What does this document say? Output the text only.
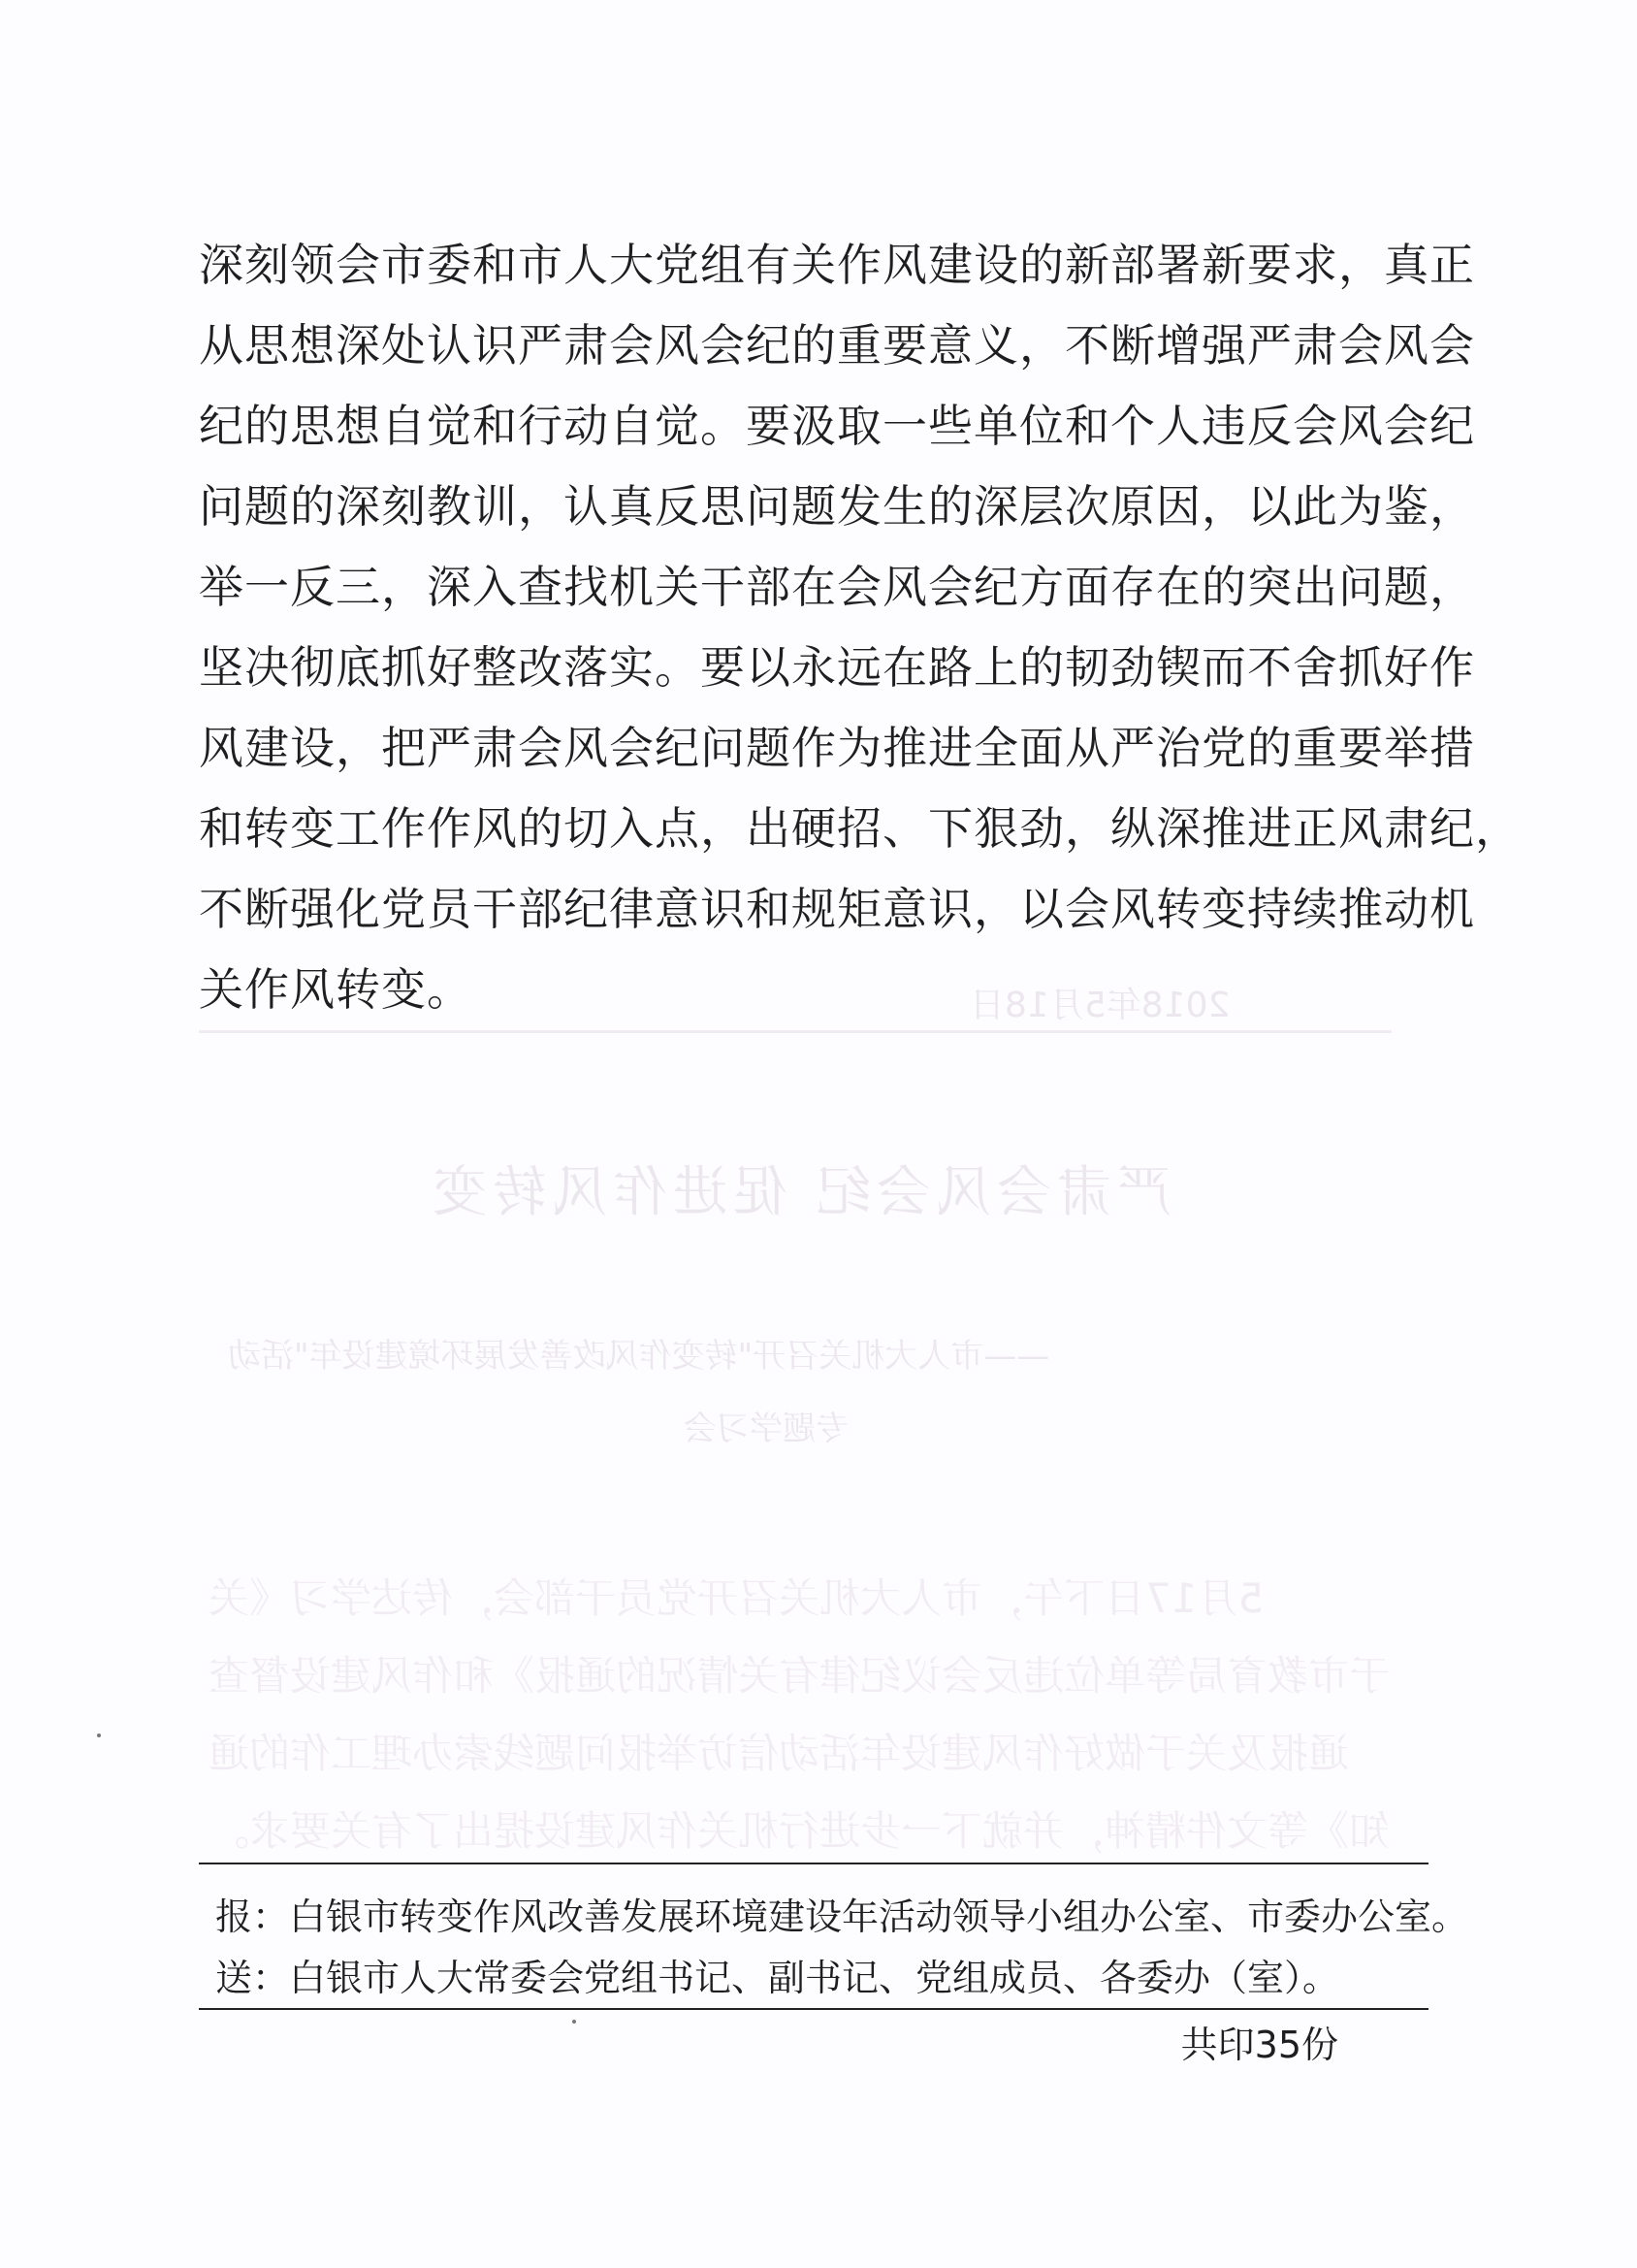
2018年5月18日
严肃会风会纪 促进作风转变
——市人大机关召开"转变作风改善发展环境建设年"活动
专题学习会
5月17日下午，市人大机关召开党员干部会，传达学习《关
于市教育局等单位违反会议纪律有关情况的通报》和作风建设督查
通报及关于做好作风建设年活动信访举报问题线索办理工作的通
知》等文件精神，并就下一步进行机关作风建设提出了有关要求。

深刻领会市委和市人大党组有关作风建设的新部署新要求，真正
从思想深处认识严肃会风会纪的重要意义，不断增强严肃会风会
纪的思想自觉和行动自觉。要汲取一些单位和个人违反会风会纪
问题的深刻教训，认真反思问题发生的深层次原因，以此为鉴，
举一反三，深入查找机关干部在会风会纪方面存在的突出问题，
坚决彻底抓好整改落实。要以永远在路上的韧劲锲而不舍抓好作
风建设，把严肃会风会纪问题作为推进全面从严治党的重要举措
和转变工作作风的切入点，出硬招、下狠劲，纵深推进正风肃纪，
不断强化党员干部纪律意识和规矩意识，以会风转变持续推动机
关作风转变。

报：白银市转变作风改善发展环境建设年活动领导小组办公室、市委办公室。
送：白银市人大常委会党组书记、副书记、党组成员、各委办（室）。
共印35份
